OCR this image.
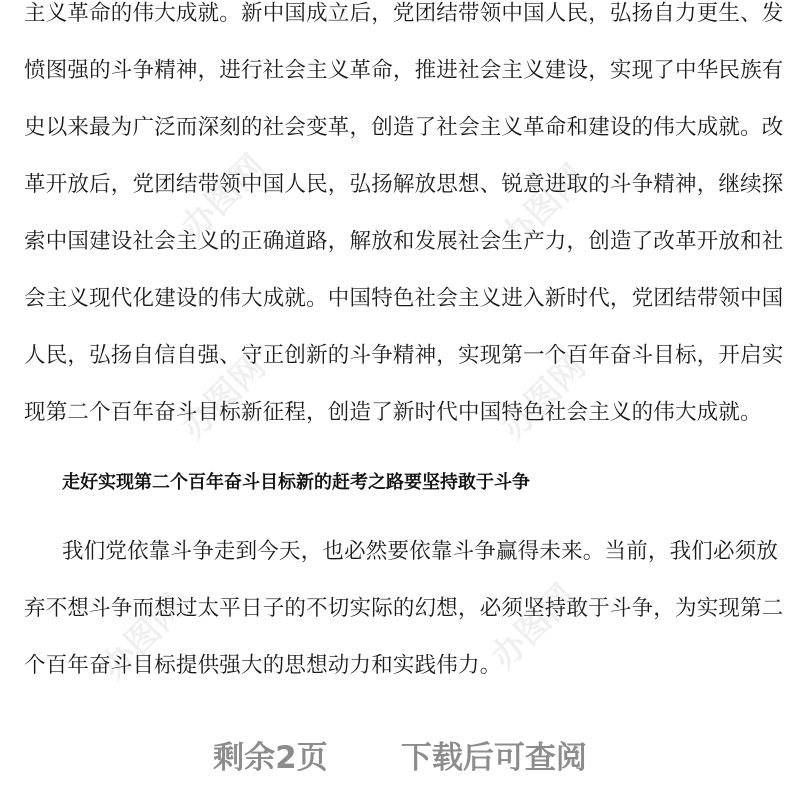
办图网	办图网
办图网	办图网
办图网	办图网
主义革命的伟大成就。新中国成立后，党团结带领中国人民，弘扬自力更生、发
愤图强的斗争精神，进行社会主义革命，推进社会主义建设，实现了中华民族有
史以来最为广泛而深刻的社会变革，创造了社会主义革命和建设的伟大成就。改
革开放后，党团结带领中国人民，弘扬解放思想、锐意进取的斗争精神，继续探
索中国建设社会主义的正确道路，解放和发展社会生产力，创造了改革开放和社
会主义现代化建设的伟大成就。中国特色社会主义进入新时代，党团结带领中国
人民，弘扬自信自强、守正创新的斗争精神，实现第一个百年奋斗目标，开启实
现第二个百年奋斗目标新征程，创造了新时代中国特色社会主义的伟大成就。
走好实现第二个百年奋斗目标新的赶考之路要坚持敢于斗争
我们党依靠斗争走到今天，也必然要依靠斗争赢得未来。当前，我们必须放
弃不想斗争而想过太平日子的不切实际的幻想，必须坚持敢于斗争，为实现第二
个百年奋斗目标提供强大的思想动力和实践伟力。
剩余2页 下载后可查阅
